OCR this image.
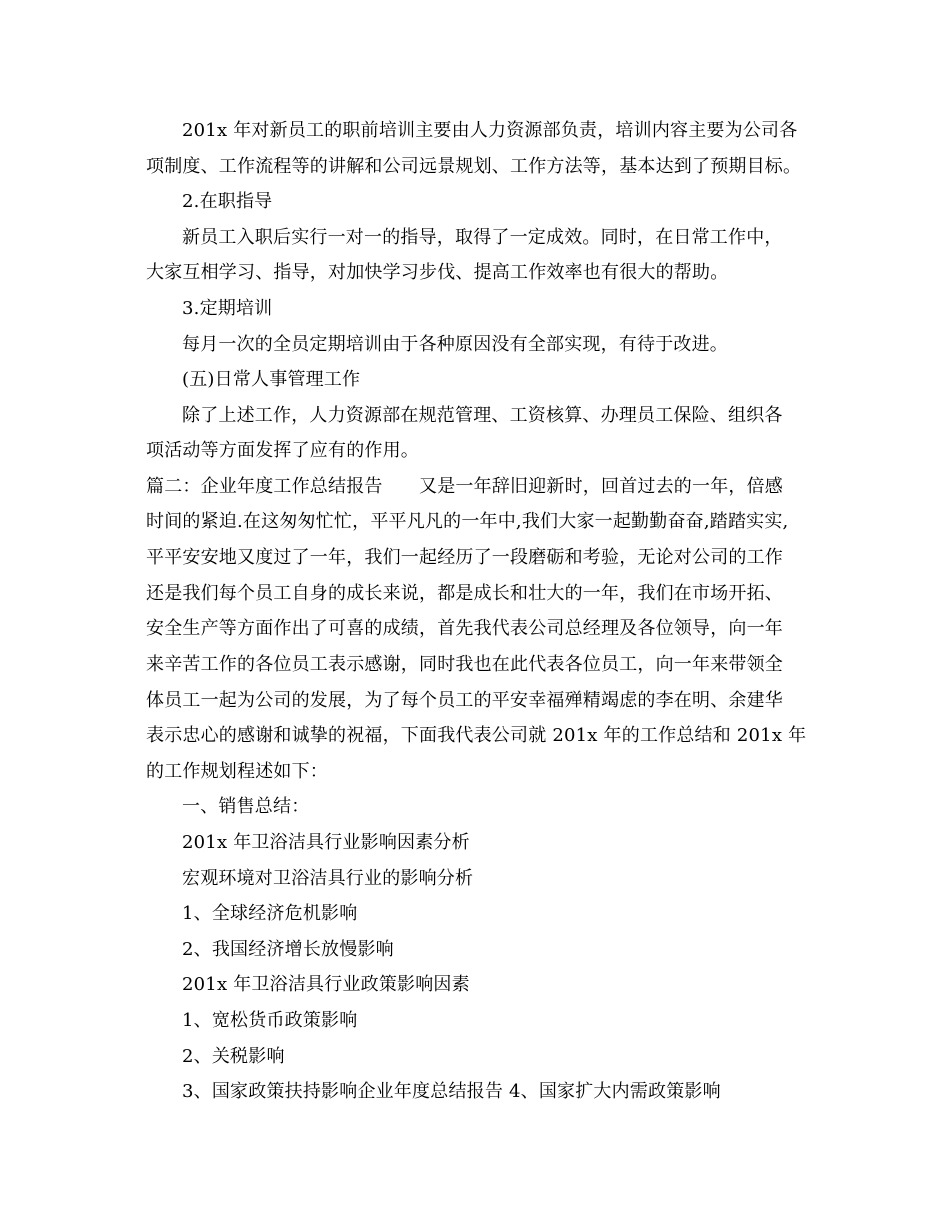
201x 年对新员工的职前培训主要由人力资源部负责，培训内容主要为公司各
项制度、工作流程等的讲解和公司远景规划、工作方法等，基本达到了预期目标。
2.在职指导
新员工入职后实行一对一的指导，取得了一定成效。同时，在日常工作中，
大家互相学习、指导，对加快学习步伐、提高工作效率也有很大的帮助。
3.定期培训
每月一次的全员定期培训由于各种原因没有全部实现，有待于改进。
(五)日常人事管理工作
除了上述工作，人力资源部在规范管理、工资核算、办理员工保险、组织各
项活动等方面发挥了应有的作用。
篇二：企业年度工作总结报告　　又是一年辞旧迎新时，回首过去的一年，倍感
时间的紧迫.在这匆匆忙忙，平平凡凡的一年中,我们大家一起勤勤奋奋,踏踏实实,
平平安安地又度过了一年，我们一起经历了一段磨砺和考验，无论对公司的工作
还是我们每个员工自身的成长来说，都是成长和壮大的一年，我们在市场开拓、
安全生产等方面作出了可喜的成绩，首先我代表公司总经理及各位领导，向一年
来辛苦工作的各位员工表示感谢，同时我也在此代表各位员工，向一年来带领全
体员工一起为公司的发展，为了每个员工的平安幸福殚精竭虑的李在明、余建华
表示忠心的感谢和诚挚的祝福，下面我代表公司就 201x 年的工作总结和 201x 年
的工作规划程述如下：
一、销售总结：
201x 年卫浴洁具行业影响因素分析
宏观环境对卫浴洁具行业的影响分析
1、全球经济危机影响
2、我国经济增长放慢影响
201x 年卫浴洁具行业政策影响因素
1、宽松货币政策影响
2、关税影响
3、国家政策扶持影响企业年度总结报告 4、国家扩大内需政策影响
